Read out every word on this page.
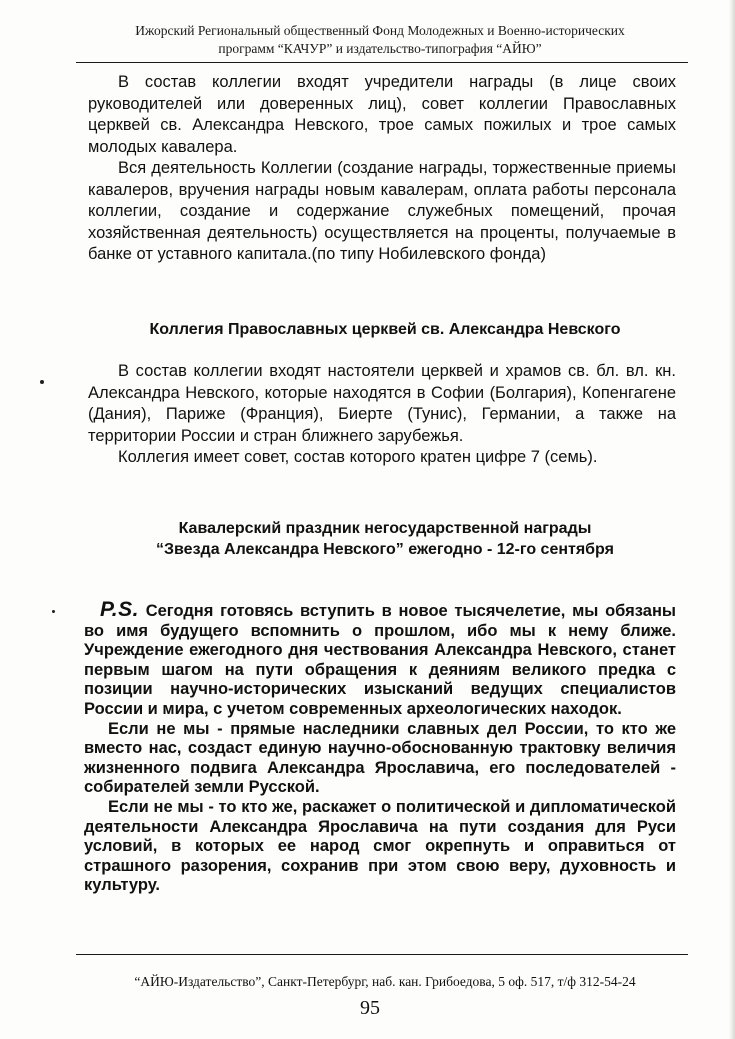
Ижорский Региональный общественный Фонд Молодежных и Военно-исторических
программ “КАЧУР” и издательство-типография “АЙЮ”

В состав коллегии входят учредители награды (в лице своих руководителей или доверенных лиц), совет коллегии Православных церквей св. Александра Невского, трое самых пожилых и трое самых молодых кавалера.

Вся деятельность Коллегии (создание награды, торжественные приемы кавалеров, вручения награды новым кавалерам, оплата работы персонала коллегии, создание и содержание служебных помещений, прочая хозяйственная деятельность) осуществляется на проценты, получаемые в банке от уставного капитала.(по типу Нобилевского фонда)

Коллегия Православных церквей св. Александра Невского

В состав коллегии входят настоятели церквей и храмов св. бл. вл. кн. Александра Невского, которые находятся в Софии (Болгария), Копенгагене (Дания), Париже (Франция), Биерте (Тунис), Германии, а также на территории России и стран ближнего зарубежья.

Коллегия имеет совет, состав которого кратен цифре 7 (семь).

Кавалерский праздник негосударственной награды
“Звезда Александра Невского” ежегодно - 12-го сентября

P.S. Сегодня готовясь вступить в новое тысячелетие, мы обязаны во имя будущего вспомнить о прошлом, ибо мы к нему ближе. Учреждение ежегодного дня чествования Александра Невского, станет первым шагом на пути обращения к деяниям великого предка с позиции научно-исторических изысканий ведущих специалистов России и мира, с учетом современных археологических находок.

Если не мы - прямые наследники славных дел России, то кто же вместо нас, создаст единую научно-обоснованную трактовку величия жизненного подвига Александра Ярославича, его последователей - собирателей земли Русской.

Если не мы - то кто же, раскажет о политической и дипломатической деятельности Александра Ярославича на пути создания для Руси условий, в которых ее народ смог окрепнуть и оправиться от страшного разорения, сохранив при этом свою веру, духовность и культуру.

“АЙЮ-Издательство”, Санкт-Петербург, наб. кан. Грибоедова, 5 оф. 517, т/ф 312-54-24
95
